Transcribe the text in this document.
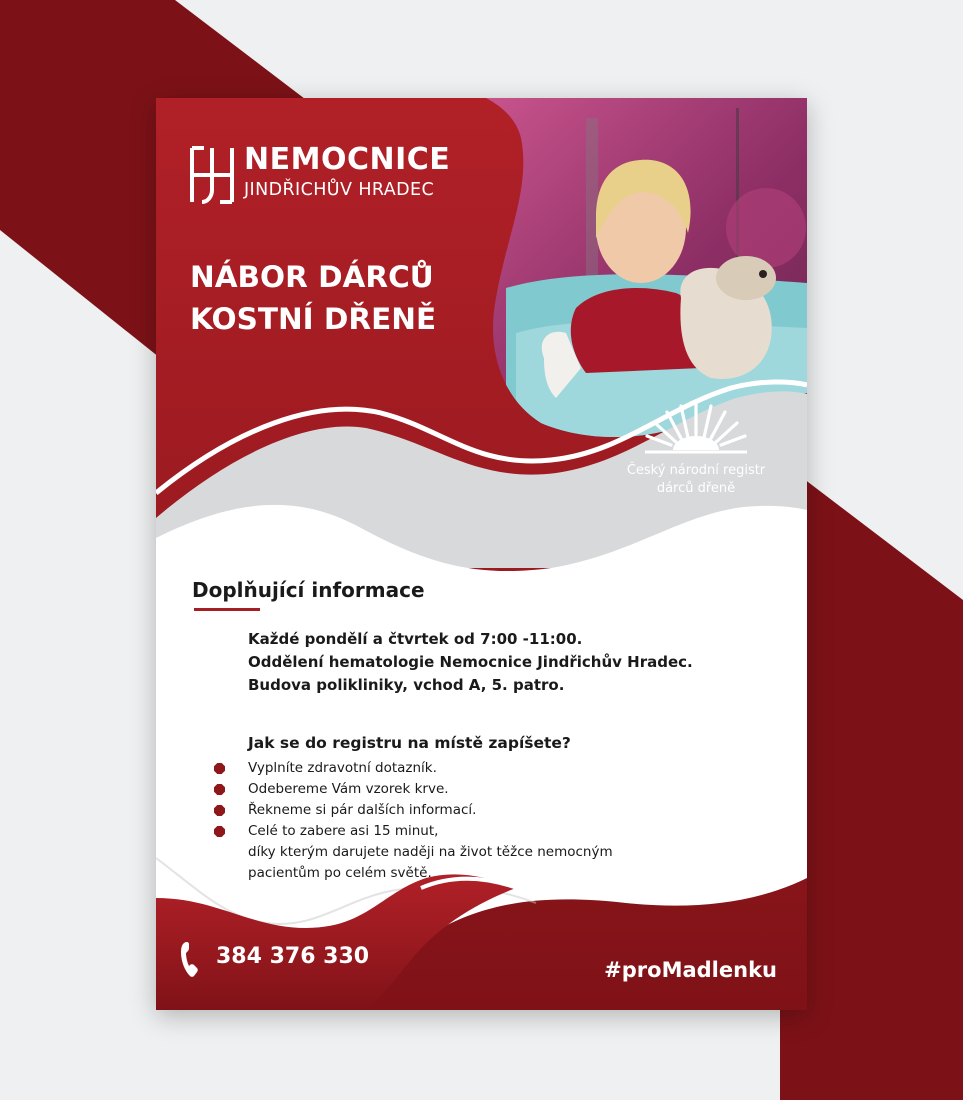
NEMOCNICE
JINDŘICHŮV HRADEC
NÁBOR DÁRCŮ
KOSTNÍ DŘENĚ
Český národní registr
dárců dřeně
Doplňující informace
Každé pondělí a čtvrtek od 7:00 -11:00.
Oddělení hematologie Nemocnice Jindřichův Hradec.
Budova polikliniky, vchod A, 5. patro.
Jak se do registru na místě zapíšete?
Vyplníte zdravotní dotazník.
Odebereme Vám vzorek krve.
Řekneme si pár dalších informací.
Celé to zabere asi 15 minut,
díky kterým darujete naději na život těžce nemocným
pacientům po celém světě.
384 376 330
#proMadlenku
